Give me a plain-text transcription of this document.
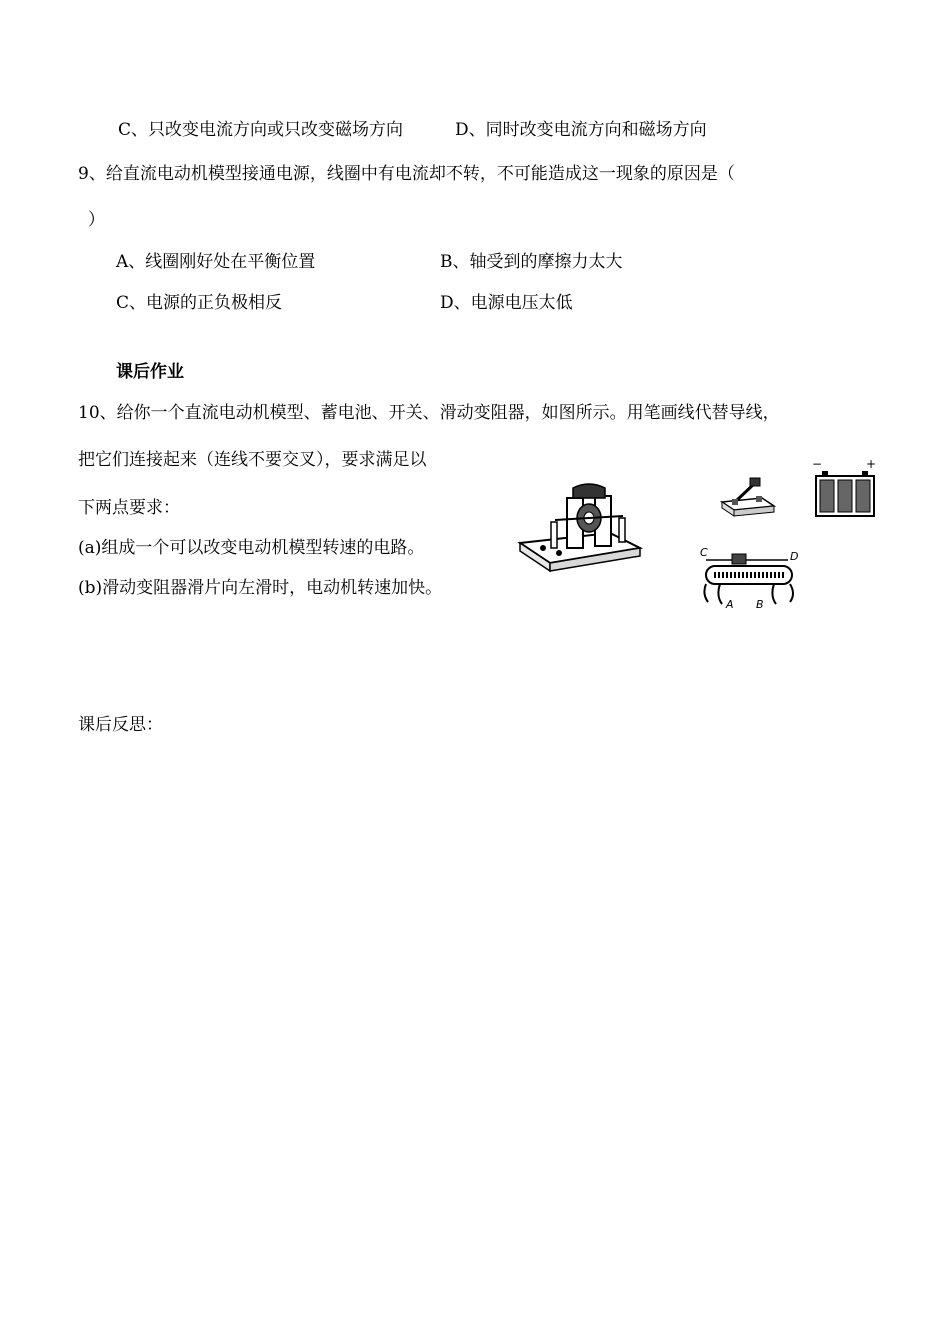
C、只改变电流方向或只改变磁场方向	D、同时改变电流方向和磁场方向
9、给直流电动机模型接通电源，线圈中有电流却不转，不可能造成这一现象的原因是（
）
A、线圈刚好处在平衡位置	B、轴受到的摩擦力太大
C、电源的正负极相反	D、电源电压太低
课后作业
10、给你一个直流电动机模型、蓄电池、开关、滑动变阻器，如图所示。用笔画线代替导线，
把它们连接起来（连线不要交叉），要求满足以
下两点要求：
(a)组成一个可以改变电动机模型转速的电路。
(b)滑动变阻器滑片向左滑时，电动机转速加快。
−	+
C	D
A B
课后反思：
